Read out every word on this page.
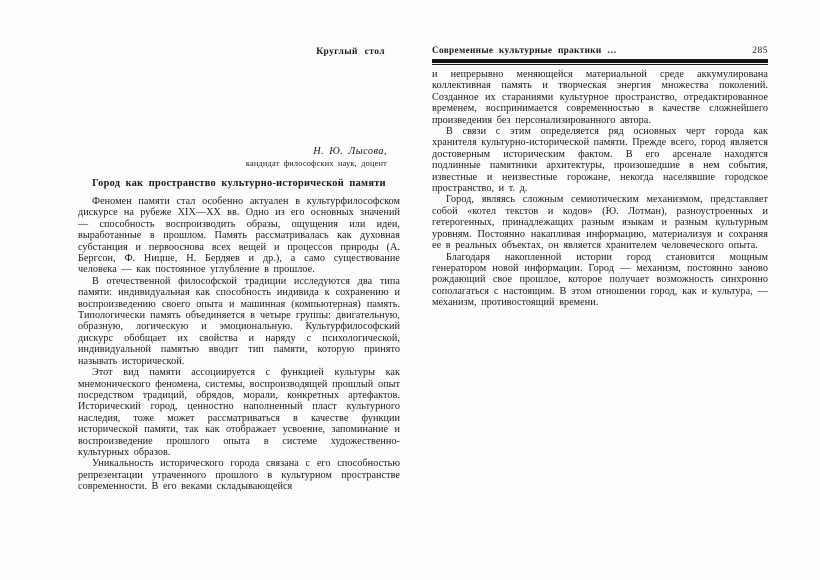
Круглый стол
Н. Ю. Лысова,
кандидат философских наук, доцент
Город как пространство культурно-исторической памяти

Феномен памяти стал особенно актуален в культурфилософском дискурсе на рубеже XIX—XX вв. Одно из его основных значений — способность воспроизводить образы, ощущения или идеи, выработанные в прошлом. Память рассматривалась как духовная субстанция и первооснова всех вещей и процессов природы (А. Бергсон, Ф. Ницше, Н. Бердяев и др.), а само существование человека — как постоянное углубление в прошлое.

В отечественной философской традиции исследуются два типа памяти: индивидуальная как способность индивида к сохранению и воспроизведению своего опыта и машинная (компьютерная) память. Типологически память объединяется в четыре группы: двигательную, образную, логическую и эмоциональную. Культурфилософский дискурс обобщает их свойства и наряду с психологической, индивидуальной памятью вводит тип памяти, которую принято называть исторической.

Этот вид памяти ассоциируется с функцией культуры как мнемонического феномена, системы, воспроизводящей прошлый опыт посредством традиций, обрядов, морали, конкретных артефактов. Исторический город, ценностно наполненный пласт культурного наследия, тоже может рассматриваться в качестве функции исторической памяти, так как отображает усвоение, запоминание и воспроизведение прошлого опыта в системе художественно-культурных образов.

Уникальность исторического города связана с его способностью репрезентации утраченного прошлого в культурном пространстве современности. В его веками складывающейся

Современные культурные практики …	285

и непрерывно меняющейся материальной среде аккумулирована коллективная память и творческая энергия множества поколений. Созданное их стараниями культурное пространство, отредактированное временем, воспринимается современностью в качестве сложнейшего произведения без персонализированного автора.

В связи с этим определяется ряд основных черт города как хранителя культурно-исторической памяти. Прежде всего, город является достоверным историческим фактом. В его арсенале находятся подлинные памятники архитектуры, произошедшие в нем события, известные и неизвестные горожане, некогда населявшие городское пространство, и т. д.

Город, являясь сложным семиотическим механизмом, представляет собой «котел текстов и кодов» (Ю. Лотман), разноустроенных и гетерогенных, принадлежащих разным языкам и разным культурным уровням. Постоянно накапливая информацию, материализуя и сохраняя ее в реальных объектах, он является хранителем человеческого опыта.

Благодаря накопленной истории город становится мощным генератором новой информации. Город — механизм, постоянно заново рождающий свое прошлое, которое получает возможность синхронно сополагаться с настоящим. В этом отношении город, как и культура, — механизм, противостоящий времени.
